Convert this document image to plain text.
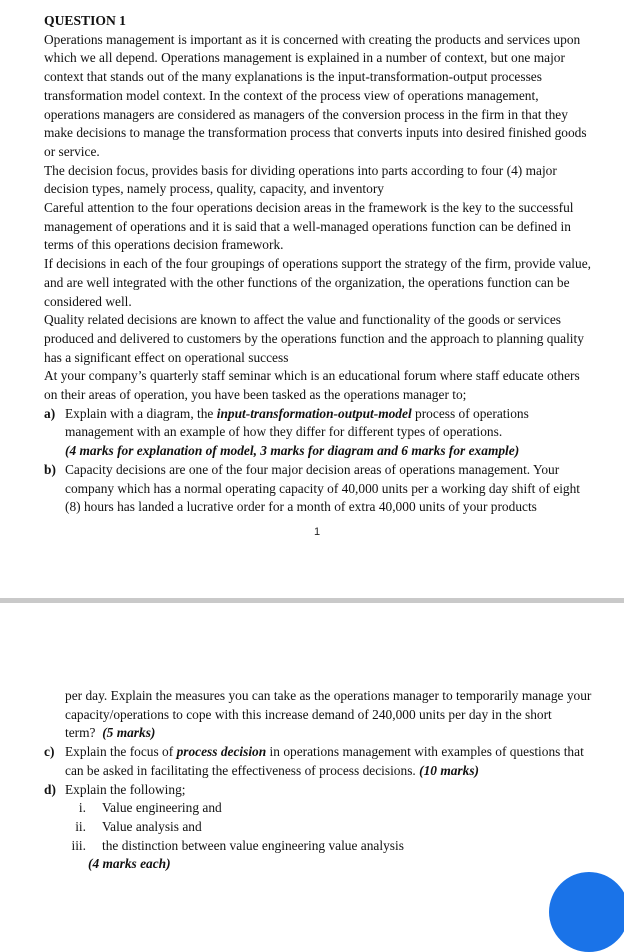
QUESTION 1

Operations management is important as it is concerned with creating the products and services upon which we all depend. Operations management is explained in a number of context, but one major context that stands out of the many explanations is the input-transformation-output processes transformation model context. In the context of the process view of operations management, operations managers are considered as managers of the conversion process in the firm in that they make decisions to manage the transformation process that converts inputs into desired finished goods or service.

The decision focus, provides basis for dividing operations into parts according to four (4) major decision types, namely process, quality, capacity, and inventory

Careful attention to the four operations decision areas in the framework is the key to the successful management of operations and it is said that a well-managed operations function can be defined in terms of this operations decision framework.

If decisions in each of the four groupings of operations support the strategy of the firm, provide value, and are well integrated with the other functions of the organization, the operations function can be considered well.

Quality related decisions are known to affect the value and functionality of the goods or services produced and delivered to customers by the operations function and the approach to planning quality has a significant effect on operational success

At your company’s quarterly staff seminar which is an educational forum where staff educate others on their areas of operation, you have been tasked as the operations manager to;

a) Explain with a diagram, the input-transformation-output-model process of operations management with an example of how they differ for different types of operations.
(4 marks for explanation of model, 3 marks for diagram and 6 marks for example)
b) Capacity decisions are one of the four major decision areas of operations management. Your company which has a normal operating capacity of 40,000 units per a working day shift of eight (8) hours has landed a lucrative order for a month of extra 40,000 units of your products
1
per day. Explain the measures you can take as the operations manager to temporarily manage your capacity/operations to cope with this increase demand of 240,000 units per day in the short term? (5 marks)
c) Explain the focus of process decision in operations management with examples of questions that can be asked in facilitating the effectiveness of process decisions. (10 marks)
d) Explain the following;
i. Value engineering and
ii. Value analysis and
iii. the distinction between value engineering value analysis
(4 marks each)
